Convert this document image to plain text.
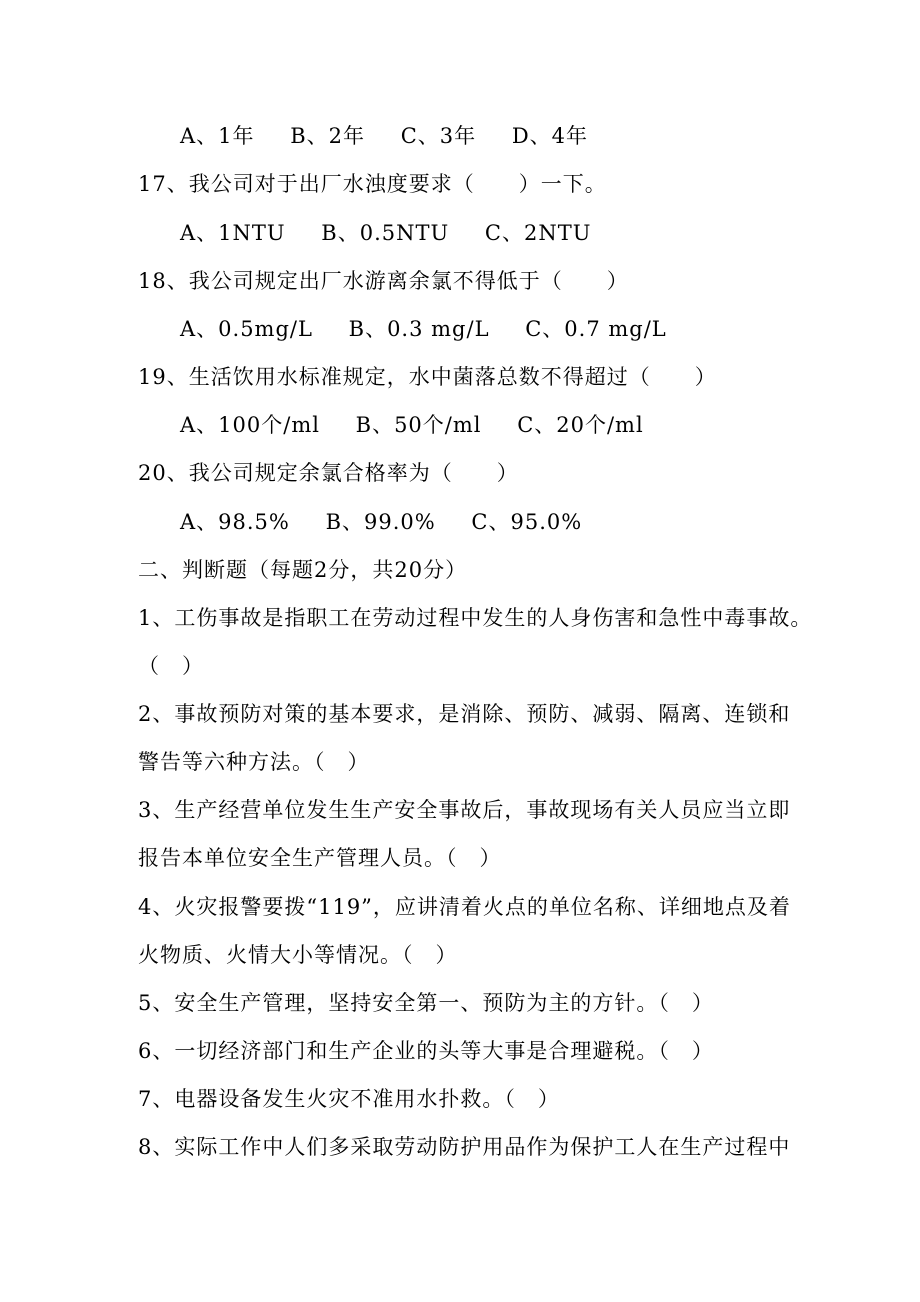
A、1年 B、2年 C、3年 D、4年
17、我公司对于出厂水浊度要求（　　）一下。
A、1NTU B、0.5NTU C、2NTU
18、我公司规定出厂水游离余氯不得低于（　　）
A、0.5mg/L B、0.3 mg/L C、0.7 mg/L
19、生活饮用水标准规定，水中菌落总数不得超过（　　）
A、100个/ml B、50个/ml C、20个/ml
20、我公司规定余氯合格率为（　　）
A、98.5% B、99.0% C、95.0%
二、判断题（每题2分，共20分）
1、工伤事故是指职工在劳动过程中发生的人身伤害和急性中毒事故。
（　）
2、事故预防对策的基本要求，是消除、预防、减弱、隔离、连锁和
警告等六种方法。（　）
3、生产经营单位发生生产安全事故后，事故现场有关人员应当立即
报告本单位安全生产管理人员。（　）
4、火灾报警要拨“119”，应讲清着火点的单位名称、详细地点及着
火物质、火情大小等情况。（　）
5、安全生产管理，坚持安全第一、预防为主的方针。（　）
6、一切经济部门和生产企业的头等大事是合理避税。（　）
7、电器设备发生火灾不准用水扑救。（　）
8、实际工作中人们多采取劳动防护用品作为保护工人在生产过程中
